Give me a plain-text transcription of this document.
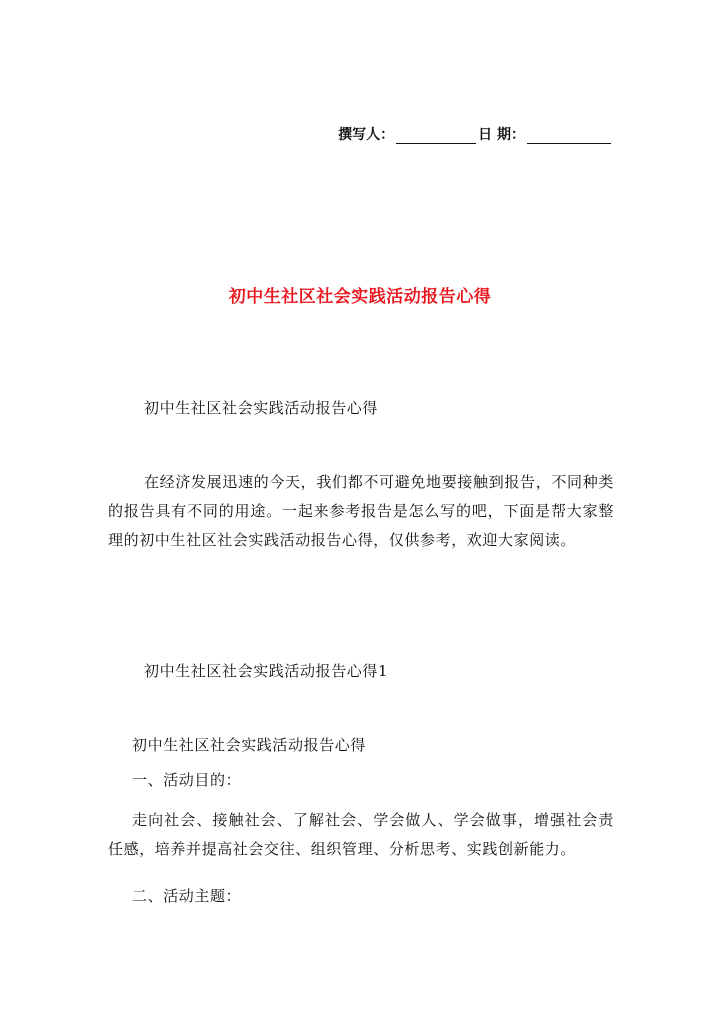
撰写人：	日 期：
初中生社区社会实践活动报告心得

初中生社区社会实践活动报告心得

在经济发展迅速的今天，我们都不可避免地要接触到报告，不同种类的报告具有不同的用途。一起来参考报告是怎么写的吧，下面是帮大家整理的初中生社区社会实践活动报告心得，仅供参考，欢迎大家阅读。

初中生社区社会实践活动报告心得1

初中生社区社会实践活动报告心得

一、活动目的：

走向社会、接触社会、了解社会、学会做人、学会做事，增强社会责任感，培养并提高社会交往、组织管理、分析思考、实践创新能力。

二、活动主题：
